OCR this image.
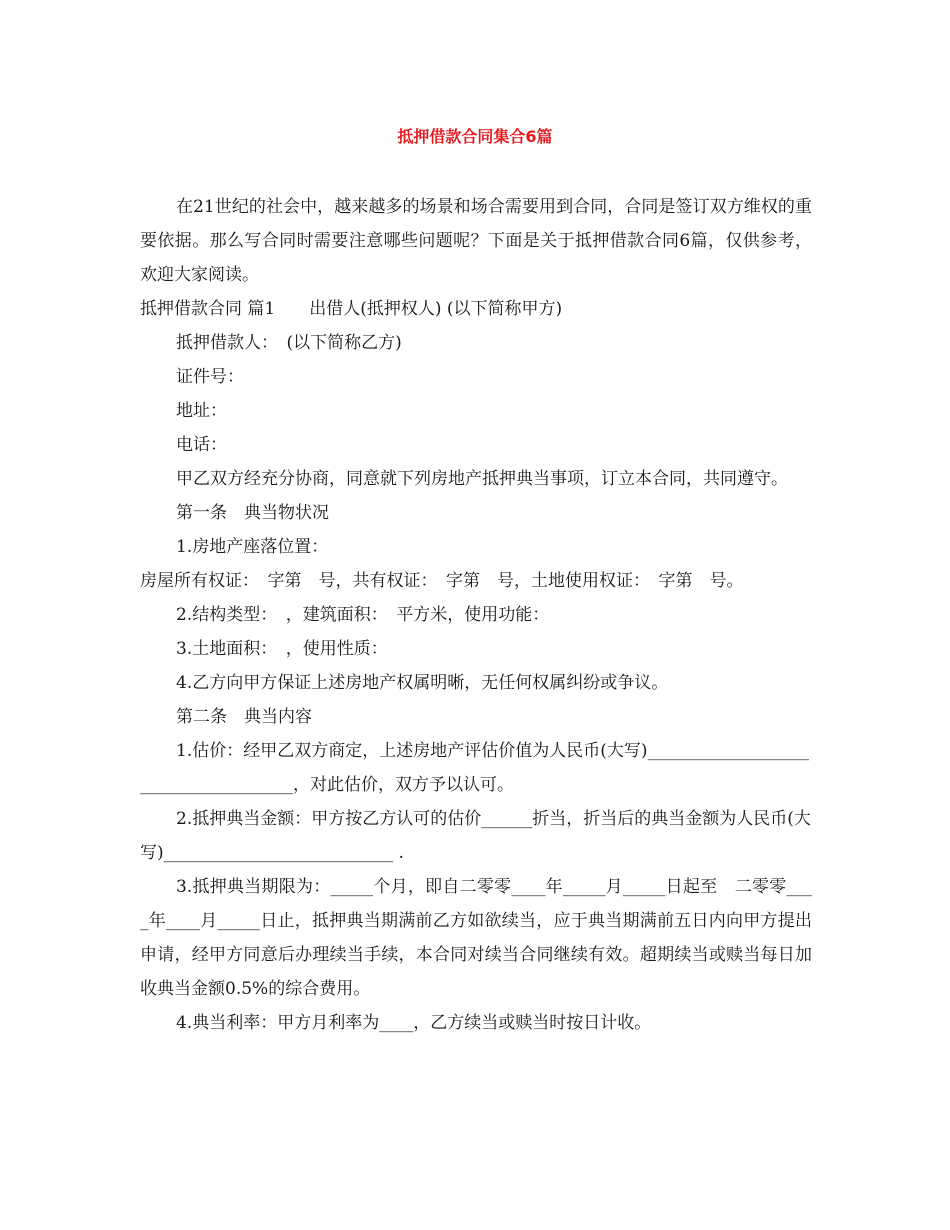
抵押借款合同集合6篇

在21世纪的社会中，越来越多的场景和场合需要用到合同，合同是签订双方维权的重要依据。那么写合同时需要注意哪些问题呢？下面是关于抵押借款合同6篇，仅供参考，欢迎大家阅读。

抵押借款合同 篇1　　出借人(抵押权人) (以下简称甲方)

抵押借款人：　(以下简称乙方)

证件号：

地址：

电话：

甲乙双方经充分协商，同意就下列房地产抵押典当事项，订立本合同，共同遵守。

第一条　典当物状况

1.房地产座落位置：

房屋所有权证：　字第　号，共有权证：　字第　号，土地使用权证：　字第　号。

2.结构类型：　，建筑面积：　平方米，使用功能：

3.土地面积：　，使用性质：

4.乙方向甲方保证上述房地产权属明晰，无任何权属纠纷或争议。

第二条　典当内容

1.估价：经甲乙双方商定，上述房地产评估价值为人民币(大写)_____________________________________，对此估价，双方予以认可。

2.抵押典当金额：甲方按乙方认可的估价______折当，折当后的典当金额为人民币(大写)___________________________ .

3.抵押典当期限为：_____个月，即自二零零____年_____月_____日起至　二零零____年____月_____日止，抵押典当期满前乙方如欲续当，应于典当期满前五日内向甲方提出申请，经甲方同意后办理续当手续，本合同对续当合同继续有效。超期续当或赎当每日加收典当金额0.5%的综合费用。

4.典当利率：甲方月利率为____，乙方续当或赎当时按日计收。
